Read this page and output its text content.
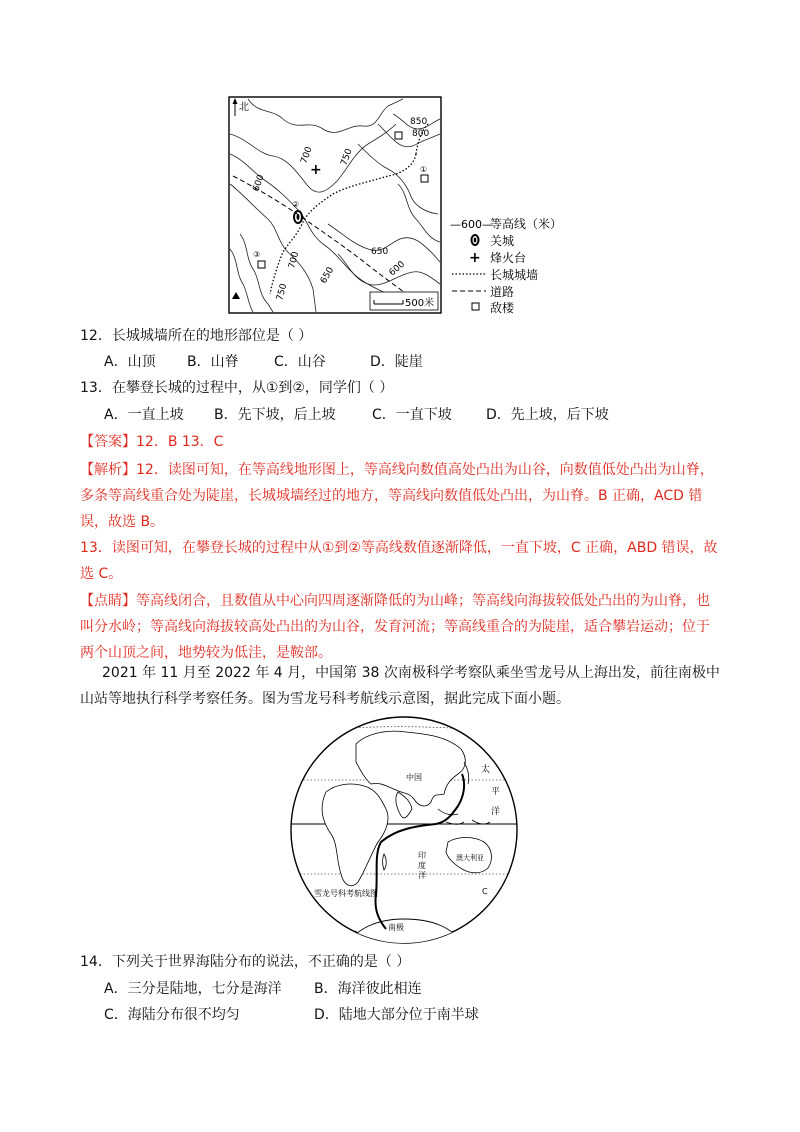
北
+	①
②
③
850
800
750
700
600
650
650	600
700
750
500米
—600—
等高线（米）
关城
+ 烽火台
长城城墙
道路
敌楼
12．长城城墙所在的地形部位是（ ）
A．山顶 B．山脊	C．山谷	D．陡崖
13．在攀登长城的过程中，从①到②，同学们（ ）
A．一直上坡 B．先下坡，后上坡	C．一直下坡 D．先上坡，后下坡
【答案】12．B 13．C
【解析】12．读图可知，在等高线地形图上，等高线向数值高处凸出为山谷，向数值低处凸出为山脊，多条等高线重合处为陡崖，长城城墙经过的地方，等高线向数值低处凸出，为山脊。B 正确，ACD 错误，故选 B。
13．读图可知，在攀登长城的过程中从①到②等高线数值逐渐降低，一直下坡，C 正确，ABD 错误，故选 C。
【点睛】等高线闭合，且数值从中心向四周逐渐降低的为山峰；等高线向海拔较低处凸出的为山脊，也叫分水岭；等高线向海拔较高处凸出的为山谷，发育河流；等高线重合的为陡崖，适合攀岩运动；位于两个山顶之间，地势较为低洼，是鞍部。
2021 年 11 月至 2022 年 4 月，中国第 38 次南极科学考察队乘坐雪龙号从上海出发，前往南极中山站等地执行科学考察任务。图为雪龙号科考航线示意图，据此完成下面小题。
中国
太
平
洋
印
度
洋
澳大利亚
雪龙号科考航线图
南极
C
14．下列关于世界海陆分布的说法，不正确的是（ ）
A．三分是陆地，七分是海洋 B．海洋彼此相连
C．海陆分布很不均匀	D．陆地大部分位于南半球
